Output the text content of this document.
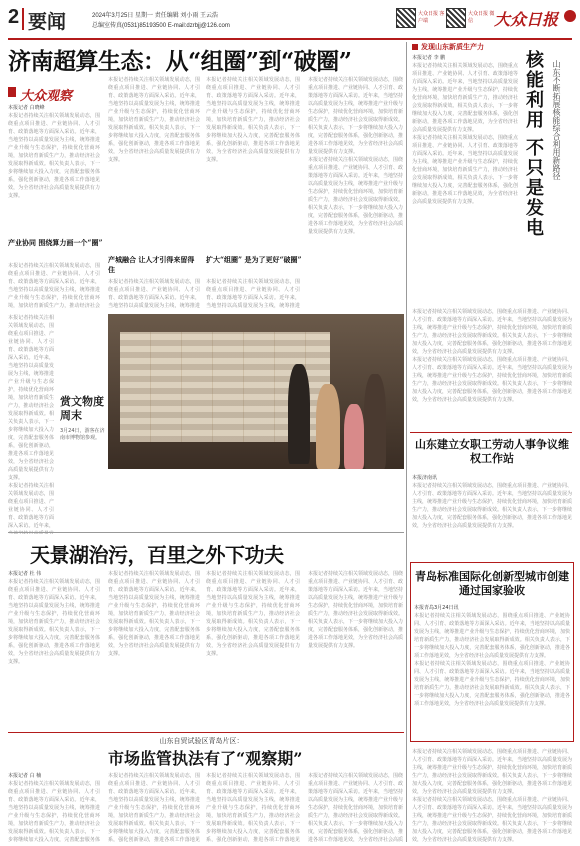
2 要闻	2024年3月25日 星期一 责任编辑 刘小雨 王云浩
总编室传真(0531)85193500 E-mail:dzrbjj@126.com
大众日报 客户端
大众日报 微信	大众日报
济南超算生态：从“组圈”到“破圈”
大众观察
本报记者 白晓峰
本报记者持续关注相关领域发展动态，围绕重点项目推进、产业链协同、人才引育、政策落地等方面深入采访。近年来，当地坚持以高质量发展为主线，统筹推进产业升级与生态保护，持续优化营商环境，加快培育新质生产力，推动经济社会发展取得新成效。相关负责人表示，下一步将继续加大投入力度，完善配套服务体系，强化创新驱动，推进各项工作落地见效，为全省经济社会高质量发展提供有力支撑。
产业协同 围绕算力画一个“圈”
本报记者持续关注相关领域发展动态，围绕重点项目推进、产业链协同、人才引育、政策落地等方面深入采访。近年来，当地坚持以高质量发展为主线，统筹推进产业升级与生态保护，持续优化营商环境，加快培育新质生产力，推动经济社会
本报记者持续关注相关领域发展动态，围绕重点项目推进、产业链协同、人才引育、政策落地等方面深入采访。近年来，当地坚持以高质量发展为主线，统筹推进产业升级与生态保护，持续优化营商环境，加快培育新质生产力，推动经济社会发展取得新成效。相关负责人表示，下一步将继续加大投入力度，完善配套服务体系，强化创新驱动，推进各项工作落地见效，为全省经济社会高质量发展提供有力支撑。
产城融合 让人才引得来留得住
本报记者持续关注相关领域发展动态，围绕重点项目推进、产业链协同、人才引育、政策落地等方面深入采访。近年来，当地坚持以高质量发展为主线，统筹推进
本报记者持续关注相关领域发展动态，围绕重点项目推进、产业链协同、人才引育、政策落地等方面深入采访。近年来，当地坚持以高质量发展为主线，统筹推进产业升级与生态保护，持续优化营商环境，加快培育新质生产力，推动经济社会发展取得新成效。相关负责人表示，下一步将继续加大投入力度，完善配套服务体系，强化创新驱动，推进各项工作落地见效，为全省经济社会高质量发展提供有力支撑。
扩大“组圈” 是为了更好“破圈”
本报记者持续关注相关领域发展动态，围绕重点项目推进、产业链协同、人才引育、政策落地等方面深入采访。近年来，当地坚持以高质量发展为主线，统筹推进
本报记者持续关注相关领域发展动态，围绕重点项目推进、产业链协同、人才引育、政策落地等方面深入采访。近年来，当地坚持以高质量发展为主线，统筹推进产业升级与生态保护，持续优化营商环境，加快培育新质生产力，推动经济社会发展取得新成效。相关负责人表示，下一步将继续加大投入力度，完善配套服务体系，强化创新驱动，推进各项工作落地见效，为全省经济社会高质量发展提供有力支撑。
本报记者持续关注相关领域发展动态，围绕重点项目推进、产业链协同、人才引育、政策落地等方面深入采访。近年来，当地坚持以高质量发展为主线，统筹推进产业升级与生态保护，持续优化营商环境，加快培育新质生产力，推动经济社会发展取得新成效。相关负责人表示，下一步将继续加大投入力度，完善配套服务体系，强化创新驱动，推进各项工作落地见效，为全省经济社会高质量发展提供有力支撑。
本报记者持续关注相关领域发展动态，围绕重点项目推进、产业链协同、人才引育、政策落地等方面深入采访。近年来，当地坚持以高质量发展为主线，统筹推进产业升级与生态保护，持续优化营商环境，加快培育新质生产力，推动经济社会发展取得新成效。相关负责人表示，下一步将继续加大投入力度，完善配套服务体系，强化创新驱动，推进各项工作落地见效，为全省经济社会高质量发展提供有力支撑。
本报记者持续关注相关领域发展动态，围绕重点项目推进、产业链协同、人才引育、政策落地等方面深入采访。近年来，
赏文物度周末
3月24日，游客在济南市博物馆参观。
天景湖治污，百里之外下功夫
本报记者 杜 伟
本报记者持续关注相关领域发展动态，围绕重点项目推进、产业链协同、人才引育、政策落地等方面深入采访。近年来，当地坚持以高质量发展为主线，统筹推进产业升级与生态保护，持续优化营商环境，加快培育新质生产力，推动经济社会发展取得新成效。相关负责人表示，下一步将继续加大投入力度，完善配套服务体系，强化创新驱动，推进各项工作落地见效，为全省经济社会高质量发展提供有力支撑。
本报记者持续关注相关领域发展动态，围绕重点项目推进、产业链协同、人才引育、政策落地等方面深入采访。近年来，当地坚持以高质量发展为主线，统筹推进产业升级与生态保护，持续优化营商环境，加快培育新质生产力，推动经济社会发展取得新成效。相关负责人表示，下一步将继续加大投入力度，完善配套服务体系，强化创新驱动，推进各项工作落地见效，为全省经济社会高质量发展提供有力支撑。
本报记者持续关注相关领域发展动态，围绕重点项目推进、产业链协同、人才引育、政策落地等方面深入采访。近年来，当地坚持以高质量发展为主线，统筹推进产业升级与生态保护，持续优化营商环境，加快培育新质生产力，推动经济社会发展取得新成效。相关负责人表示，下一步将继续加大投入力度，完善配套服务体系，强化创新驱动，推进各项工作落地见效，为全省经济社会高质量发展提供有力支撑。
本报记者持续关注相关领域发展动态，围绕重点项目推进、产业链协同、人才引育、政策落地等方面深入采访。近年来，当地坚持以高质量发展为主线，统筹推进产业升级与生态保护，持续优化营商环境，加快培育新质生产力，推动经济社会发展取得新成效。相关负责人表示，下一步将继续加大投入力度，完善配套服务体系，强化创新驱动，推进各项工作落地见效，为全省经济社会高质量发展提供有力支撑。
山东自贸试验区青岛片区：
市场监管执法有了“观察期”
本报记者 白 楠
本报记者持续关注相关领域发展动态，围绕重点项目推进、产业链协同、人才引育、政策落地等方面深入采访。近年来，当地坚持以高质量发展为主线，统筹推进产业升级与生态保护，持续优化营商环境，加快培育新质生产力，推动经济社会发展取得新成效。相关负责人表示，下一步将继续加大投入力度，完善配套服务体
本报记者持续关注相关领域发展动态，围绕重点项目推进、产业链协同、人才引育、政策落地等方面深入采访。近年来，当地坚持以高质量发展为主线，统筹推进产业升级与生态保护，持续优化营商环境，加快培育新质生产力，推动经济社会发展取得新成效。相关负责人表示，下一步将继续加大投入力度，完善配套服务体系，强化创新驱动，推进各项工作落地见
本报记者持续关注相关领域发展动态，围绕重点项目推进、产业链协同、人才引育、政策落地等方面深入采访。近年来，当地坚持以高质量发展为主线，统筹推进产业升级与生态保护，持续优化营商环境，加快培育新质生产力，推动经济社会发展取得新成效。相关负责人表示，下一步将继续加大投入力度，完善配套服务体系，强化创新驱动，推进各项工作落地见
本报记者持续关注相关领域发展动态，围绕重点项目推进、产业链协同、人才引育、政策落地等方面深入采访。近年来，当地坚持以高质量发展为主线，统筹推进产业升级与生态保护，持续优化营商环境，加快培育新质生产力，推动经济社会发展取得新成效。相关负责人表示，下一步将继续加大投入力度，完善配套服务体系，强化创新驱动，推进各项工作落地见效，为全省经济社会高质
发现山东新质生产力
核能利用 不只是发电 山东不断拓展核能综合利用新路径
本报记者 李 鹏
本报记者持续关注相关领域发展动态，围绕重点项目推进、产业链协同、人才引育、政策落地等方面深入采访。近年来，当地坚持以高质量发展为主线，统筹推进产业升级与生态保护，持续优化营商环境，加快培育新质生产力，推动经济社会发展取得新成效。相关负责人表示，下一步将继续加大投入力度，完善配套服务体系，强化创新驱动，推进各项工作落地见效，为全省经济社会高质量发展提供有力支撑。
本报记者持续关注相关领域发展动态，围绕重点项目推进、产业链协同、人才引育、政策落地等方面深入采访。近年来，当地坚持以高质量发展为主线，统筹推进产业升级与生态保护，持续优化营商环境，加快培育新质生产力，推动经济社会发展取得新成效。相关负责人表示，下一步将继续加大投入力度，完善配套服务体系，强化创新驱动，推进各项工作落地见效，为全省经济社会高质量发展提供有力支撑。
本报记者持续关注相关领域发展动态，围绕重点项目推进、产业链协同、人才引育、政策落地等方面深入采访。近年来，当地坚持以高质量发展为主线，统筹推进产业升级与生态保护，持续优化营商环境，加快培育新质生产力，推动经济社会发展取得新成效。相关负责人表示，下一步将继续加大投入力度，完善配套服务体系，强化创新驱动，推进各项工作落地见效，为全省经济社会高质量发展提供有力支撑。
本报记者持续关注相关领域发展动态，围绕重点项目推进、产业链协同、人才引育、政策落地等方面深入采访。近年来，当地坚持以高质量发展为主线，统筹推进产业升级与生态保护，持续优化营商环境，加快培育新质生产力，推动经济社会发展取得新成效。相关负责人表示，下一步将继续加大投入力度，完善配套服务体系，强化创新驱动，推进各项工作落地见效，为全省经济社会高质量发展提供有力支撑。
山东建立女职工劳动人事争议维权工作站
本报济南讯
本报记者持续关注相关领域发展动态，围绕重点项目推进、产业链协同、人才引育、政策落地等方面深入采访。近年来，当地坚持以高质量发展为主线，统筹推进产业升级与生态保护，持续优化营商环境，加快培育新质生产力，推动经济社会发展取得新成效。相关负责人表示，下一步将继续加大投入力度，完善配套服务体系，强化创新驱动，推进各项工作落地见效，为全省经济社会高质量发展提供有力支撑。
青岛标准国际化创新型城市创建通过国家验收
本报青岛3月24日讯
本报记者持续关注相关领域发展动态，围绕重点项目推进、产业链协同、人才引育、政策落地等方面深入采访。近年来，当地坚持以高质量发展为主线，统筹推进产业升级与生态保护，持续优化营商环境，加快培育新质生产力，推动经济社会发展取得新成效。相关负责人表示，下一步将继续加大投入力度，完善配套服务体系，强化创新驱动，推进各项工作落地见效，为全省经济社会高质量发展提供有力支撑。
本报记者持续关注相关领域发展动态，围绕重点项目推进、产业链协同、人才引育、政策落地等方面深入采访。近年来，当地坚持以高质量发展为主线，统筹推进产业升级与生态保护，持续优化营商环境，加快培育新质生产力，推动经济社会发展取得新成效。相关负责人表示，下一步将继续加大投入力度，完善配套服务体系，强化创新驱动，推进各项工作落地见效，为全省经济社会高质量发展提供有力支撑。
本报记者持续关注相关领域发展动态，围绕重点项目推进、产业链协同、人才引育、政策落地等方面深入采访。近年来，当地坚持以高质量发展为主线，统筹推进产业升级与生态保护，持续优化营商环境，加快培育新质生产力，推动经济社会发展取得新成效。相关负责人表示，下一步将继续加大投入力度，完善配套服务体系，强化创新驱动，推进各项工作落地见效，为全省经济社会高质量发展提供有力支撑。
本报记者持续关注相关领域发展动态，围绕重点项目推进、产业链协同、人才引育、政策落地等方面深入采访。近年来，当地坚持以高质量发展为主线，统筹推进产业升级与生态保护，持续优化营商环境，加快培育新质生产力，推动经济社会发展取得新成效。相关负责人表示，下一步将继续加大投入力度，完善配套服务体系，强化创新驱动，推进各项工作落地见效，为全省经济社会高质量发展提供有力支撑。
